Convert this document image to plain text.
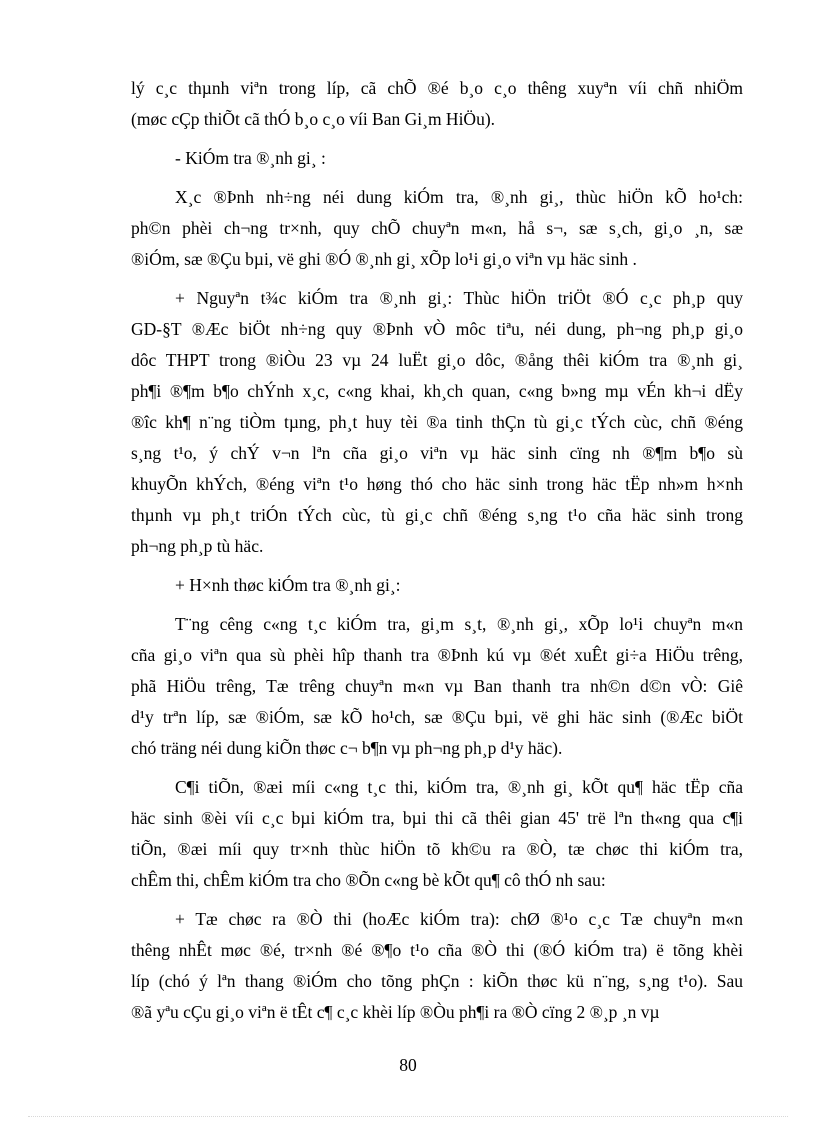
lý c¸c thµnh viªn trong líp, cã chÕ ®é b¸o c¸o thêng xuyªn víi chñ nhiÖm
(møc cÇp thiÕt cã thÓ b¸o c¸o víi Ban Gi¸m HiÖu).
- KiÓm tra ®¸nh gi¸ :
X¸c ®Þnh nh÷ng néi dung kiÓm tra, ®¸nh gi¸, thùc hiÖn kÕ ho¹ch:
ph©n phèi ch¬ng tr×nh, quy chÕ chuyªn m«n, hå s¬, sæ s¸ch, gi¸o ¸n, sæ
®iÓm, sæ ®Çu bµi, vë ghi ®Ó ®¸nh gi¸ xÕp lo¹i gi¸o viªn vµ häc sinh .
+ Nguyªn t¾c kiÓm tra ®¸nh gi¸: Thùc hiÖn triÖt ®Ó c¸c ph¸p quy
GD-§T ®Æc biÖt nh÷ng quy ®Þnh vÒ môc tiªu, néi dung, ph¬ng ph¸p gi¸o
dôc THPT trong ®iÒu 23 vµ 24 luËt gi¸o dôc, ®ång thêi kiÓm tra ®¸nh gi¸
ph¶i ®¶m b¶o chÝnh x¸c, c«ng khai, kh¸ch quan, c«ng b»ng mµ vÉn kh¬i dËy
®îc kh¶ n¨ng tiÒm tµng, ph¸t huy tèi ®a tinh thÇn tù gi¸c tÝch cùc, chñ ®éng
s¸ng t¹o, ý chÝ v¬n lªn cña gi¸o viªn vµ häc sinh cïng nh ®¶m b¶o sù
khuyÕn khÝch, ®éng viªn t¹o høng thó cho häc sinh trong häc tËp nh»m h×nh
thµnh vµ ph¸t triÓn tÝch cùc, tù gi¸c chñ ®éng s¸ng t¹o cña häc sinh trong
ph¬ng ph¸p tù häc.
+ H×nh thøc kiÓm tra ®¸nh gi¸:
T¨ng cêng c«ng t¸c kiÓm tra, gi¸m s¸t, ®¸nh gi¸, xÕp lo¹i chuyªn m«n
cña gi¸o viªn qua sù phèi hîp thanh tra ®Þnh kú vµ ®ét xuÊt gi÷a HiÖu trêng,
phã HiÖu trêng, Tæ trêng chuyªn m«n vµ Ban thanh tra nh©n d©n vÒ: Giê
d¹y trªn líp, sæ ®iÓm, sæ kÕ ho¹ch, sæ ®Çu bµi, vë ghi häc sinh (®Æc biÖt
chó träng néi dung kiÕn thøc c¬ b¶n vµ ph¬ng ph¸p d¹y häc).
C¶i tiÕn, ®æi míi c«ng t¸c thi, kiÓm tra, ®¸nh gi¸ kÕt qu¶ häc tËp cña
häc sinh ®èi víi c¸c bµi kiÓm tra, bµi thi cã thêi gian 45' trë lªn th«ng qua c¶i
tiÕn, ®æi míi quy tr×nh thùc hiÖn tõ kh©u ra ®Ò, tæ chøc thi kiÓm tra,
chÊm thi, chÊm kiÓm tra cho ®Õn c«ng bè kÕt qu¶ cô thÓ nh sau:
+ Tæ chøc ra ®Ò thi (hoÆc kiÓm tra): chØ ®¹o c¸c Tæ chuyªn m«n
thêng nhÊt møc ®é, tr×nh ®é ®¶o t¹o cña ®Ò thi (®Ó kiÓm tra) ë tõng khèi
líp (chó ý lªn thang ®iÓm cho tõng phÇn : kiÕn thøc kü n¨ng, s¸ng t¹o). Sau
®ã yªu cÇu gi¸o viªn ë tÊt c¶ c¸c khèi líp ®Òu ph¶i ra ®Ò cïng 2 ®¸p ¸n vµ
80
